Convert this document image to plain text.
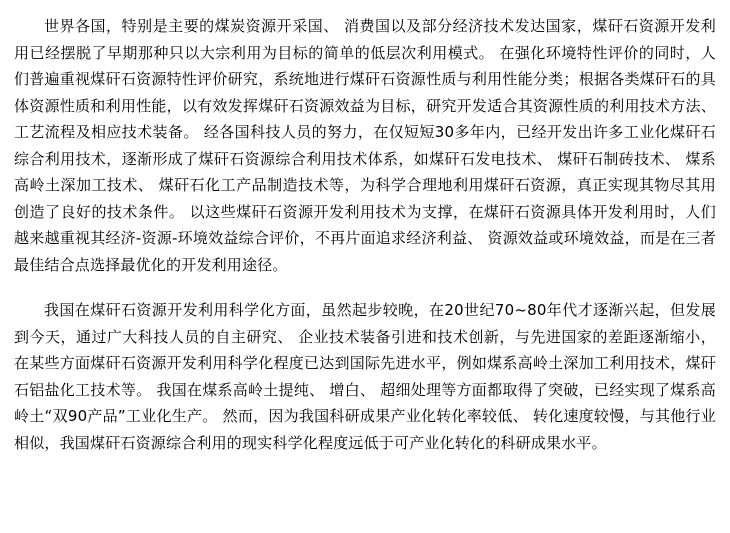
世界各国，特别是主要的煤炭资源开采国、 消费国以及部分经济技术发达国家，煤矸石资源开发利用已经摆脱了早期那种只以大宗利用为目标的简单的低层次利用模式。 在强化环境特性评价的同时，人们普遍重视煤矸石资源特性评价研究，系统地进行煤矸石资源性质与利用性能分类；根据各类煤矸石的具体资源性质和利用性能，以有效发挥煤矸石资源效益为目标，研究开发适合其资源性质的利用技术方法、 工艺流程及相应技术装备。 经各国科技人员的努力，在仅短短30多年内，已经开发出许多工业化煤矸石综合利用技术，逐渐形成了煤矸石资源综合利用技术体系，如煤矸石发电技术、 煤矸石制砖技术、 煤系高岭土深加工技术、 煤矸石化工产品制造技术等，为科学合理地利用煤矸石资源，真正实现其物尽其用创造了良好的技术条件。 以这些煤矸石资源开发利用技术为支撑，在煤矸石资源具体开发利用时，人们越来越重视其经济-资源-环境效益综合评价，不再片面追求经济利益、 资源效益或环境效益，而是在三者最佳结合点选择最优化的开发利用途径。

我国在煤矸石资源开发利用科学化方面，虽然起步较晚，在20世纪70~80年代才逐渐兴起，但发展到今天，通过广大科技人员的自主研究、 企业技术装备引进和技术创新，与先进国家的差距逐渐缩小，在某些方面煤矸石资源开发利用科学化程度已达到国际先进水平，例如煤系高岭土深加工利用技术，煤矸石铝盐化工技术等。 我国在煤系高岭土提纯、 增白、 超细处理等方面都取得了突破，已经实现了煤系高岭土“双90产品”工业化生产。 然而，因为我国科研成果产业化转化率较低、 转化速度较慢，与其他行业相似，我国煤矸石资源综合利用的现实科学化程度远低于可产业化转化的科研成果水平。
